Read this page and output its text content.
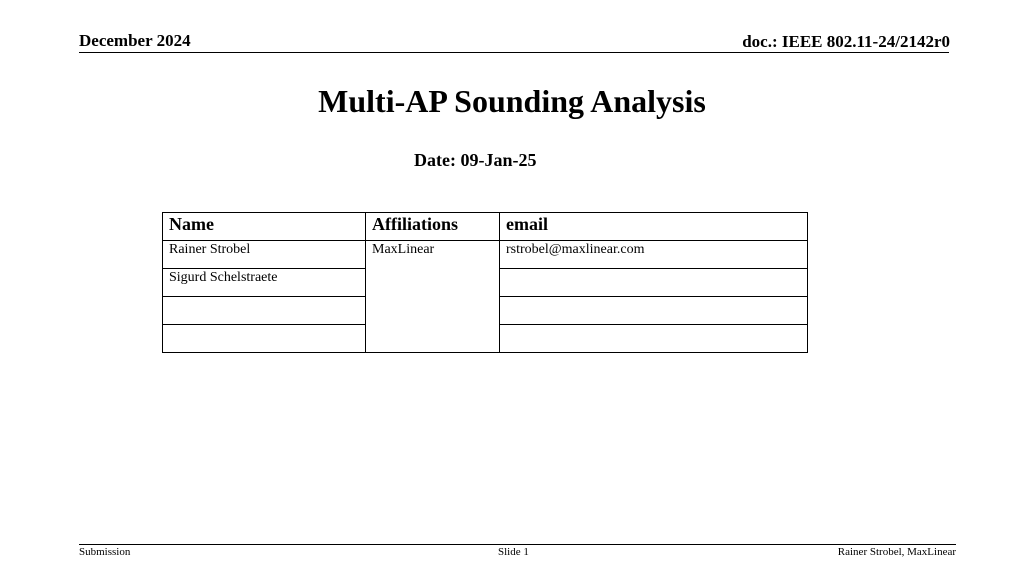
December 2024	doc.: IEEE 802.11-24/2142r0
Multi-AP Sounding Analysis
Date: 09-Jan-25
Name	Affiliations	email
Rainer Strobel	MaxLinear	rstrobel@maxlinear.com
Sigurd Schelstraete		

Submission	Slide 1	Rainer Strobel, MaxLinear
